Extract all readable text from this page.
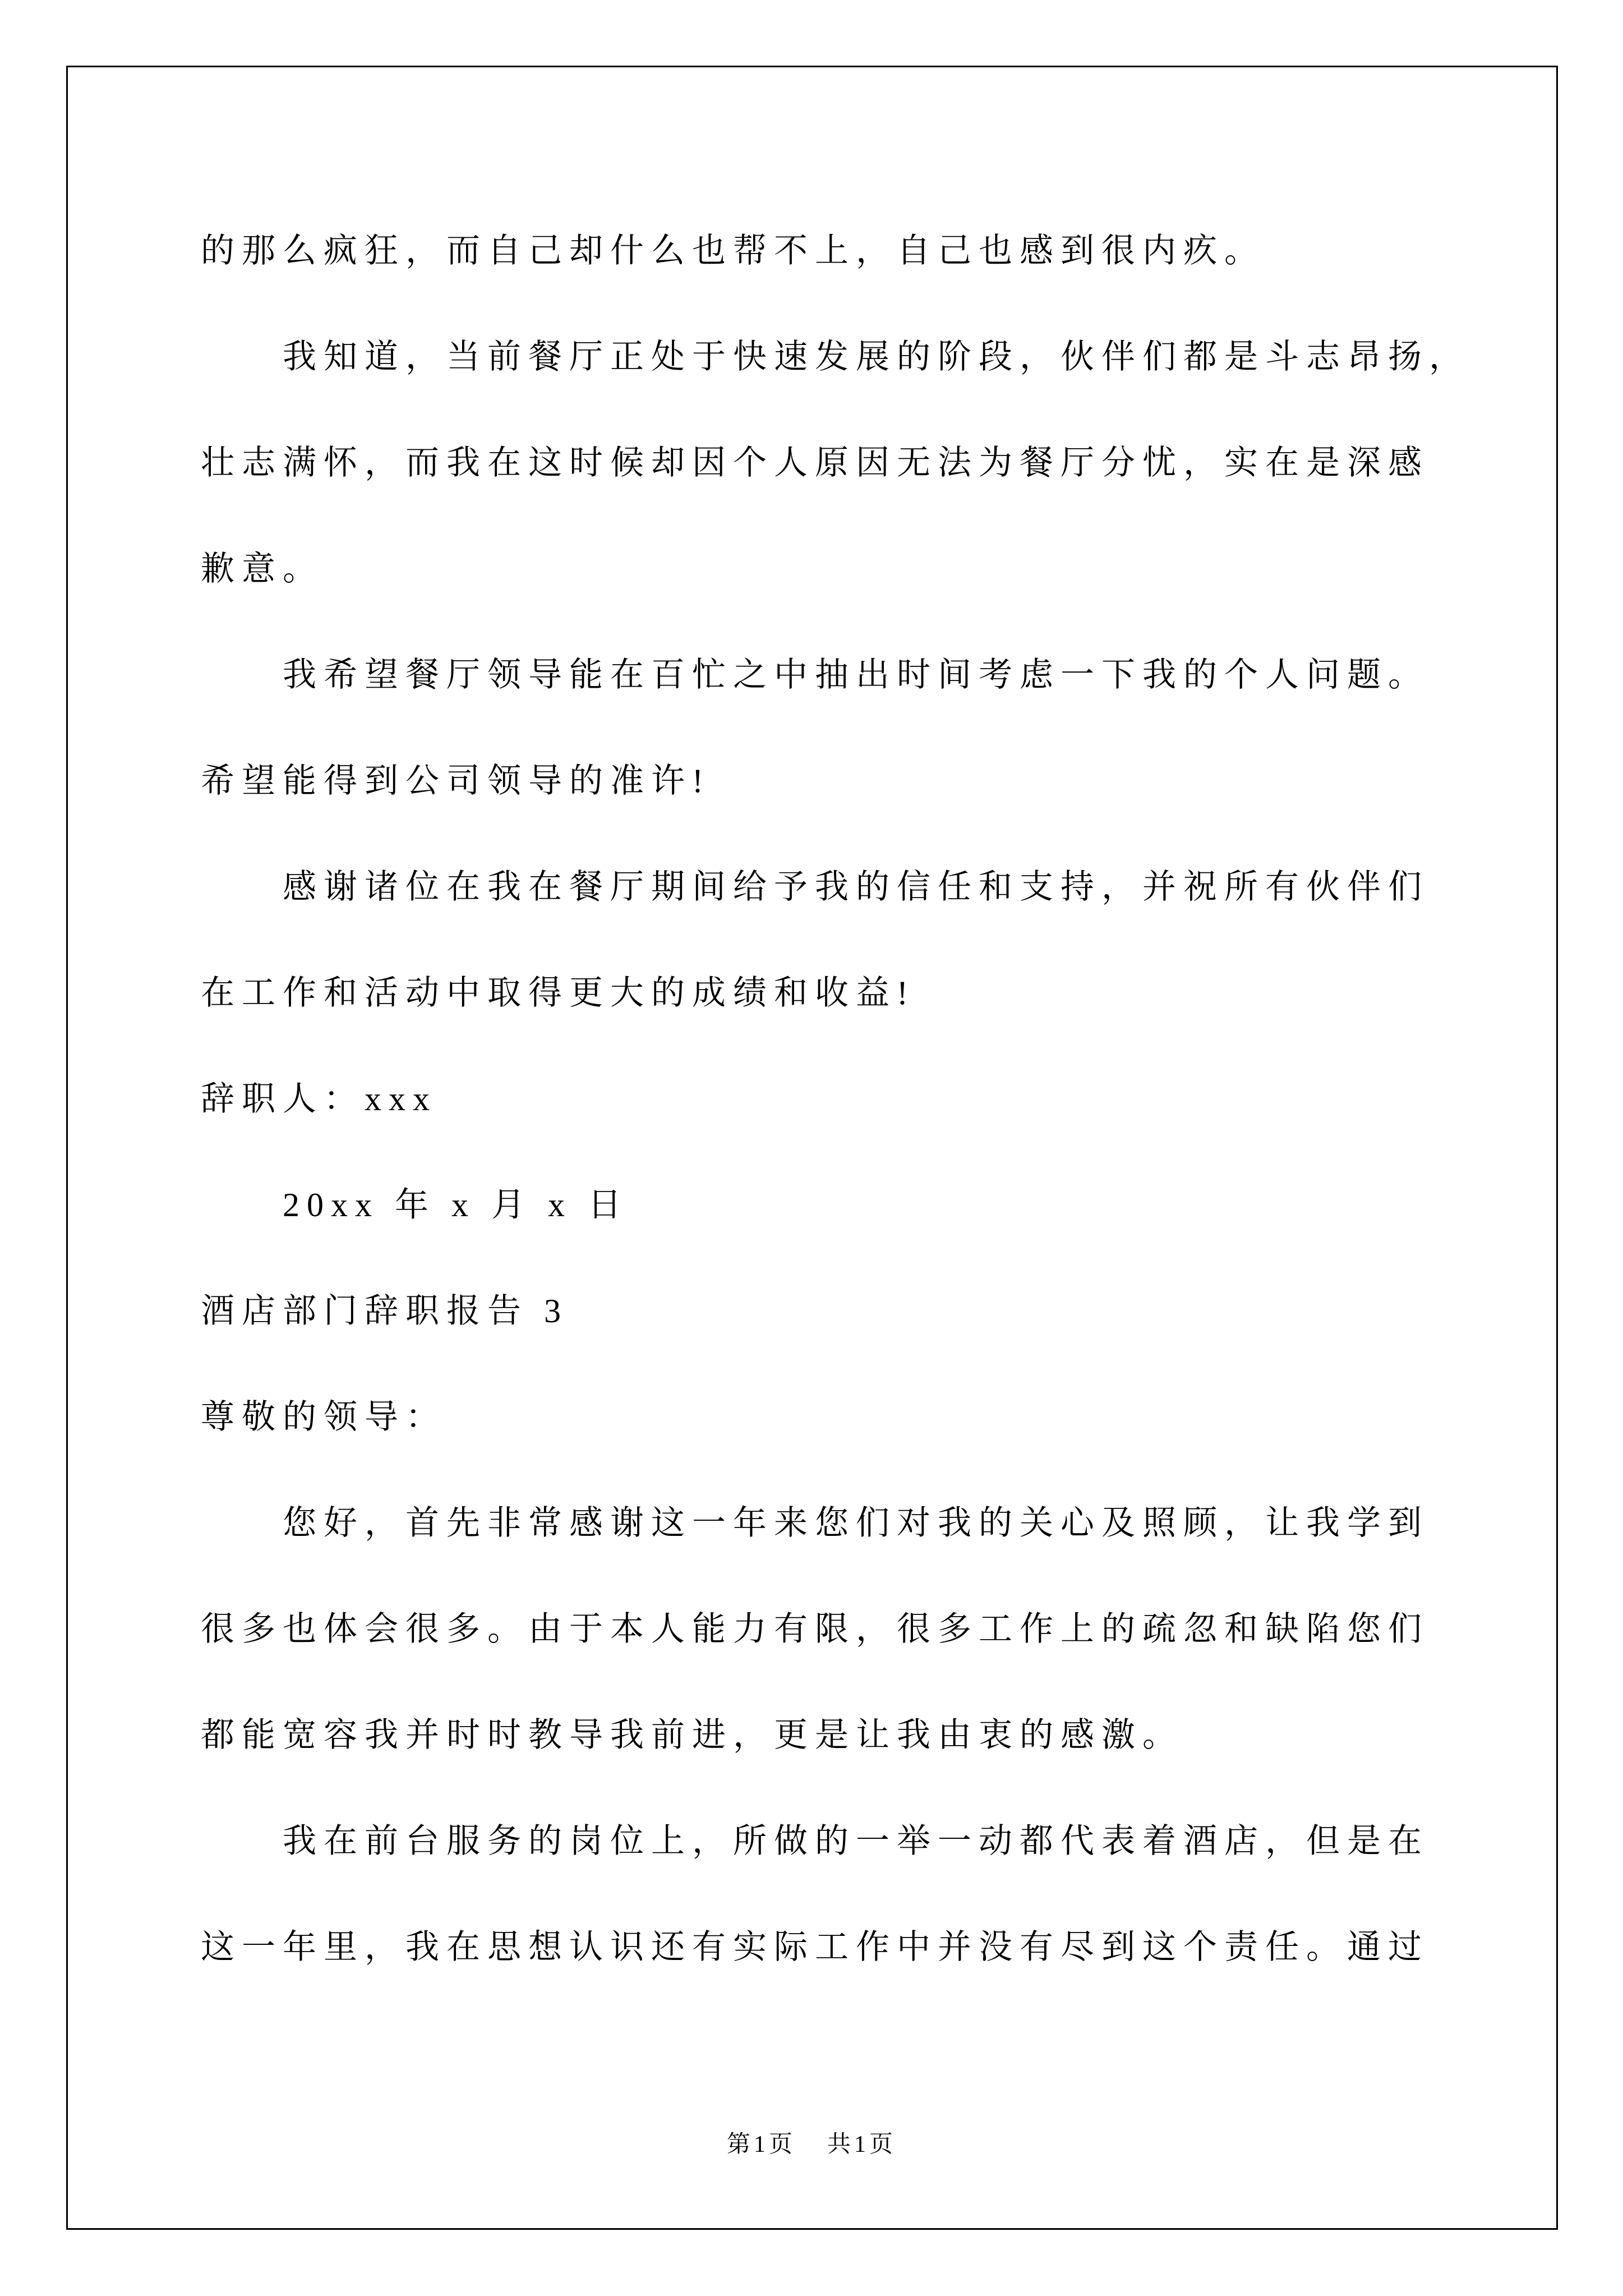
的那么疯狂，而自己却什么也帮不上，自己也感到很内疚。
我知道，当前餐厅正处于快速发展的阶段，伙伴们都是斗志昂扬，
壮志满怀，而我在这时候却因个人原因无法为餐厅分忧，实在是深感
歉意。
我希望餐厅领导能在百忙之中抽出时间考虑一下我的个人问题。
希望能得到公司领导的准许!
感谢诸位在我在餐厅期间给予我的信任和支持，并祝所有伙伴们
在工作和活动中取得更大的成绩和收益!
辞职人：xxx
20xx 年 x 月 x 日
酒店部门辞职报告 3
尊敬的领导：
您好，首先非常感谢这一年来您们对我的关心及照顾，让我学到
很多也体会很多。由于本人能力有限，很多工作上的疏忽和缺陷您们
都能宽容我并时时教导我前进，更是让我由衷的感激。
我在前台服务的岗位上，所做的一举一动都代表着酒店，但是在
这一年里，我在思想认识还有实际工作中并没有尽到这个责任。通过
第1页 共1页
